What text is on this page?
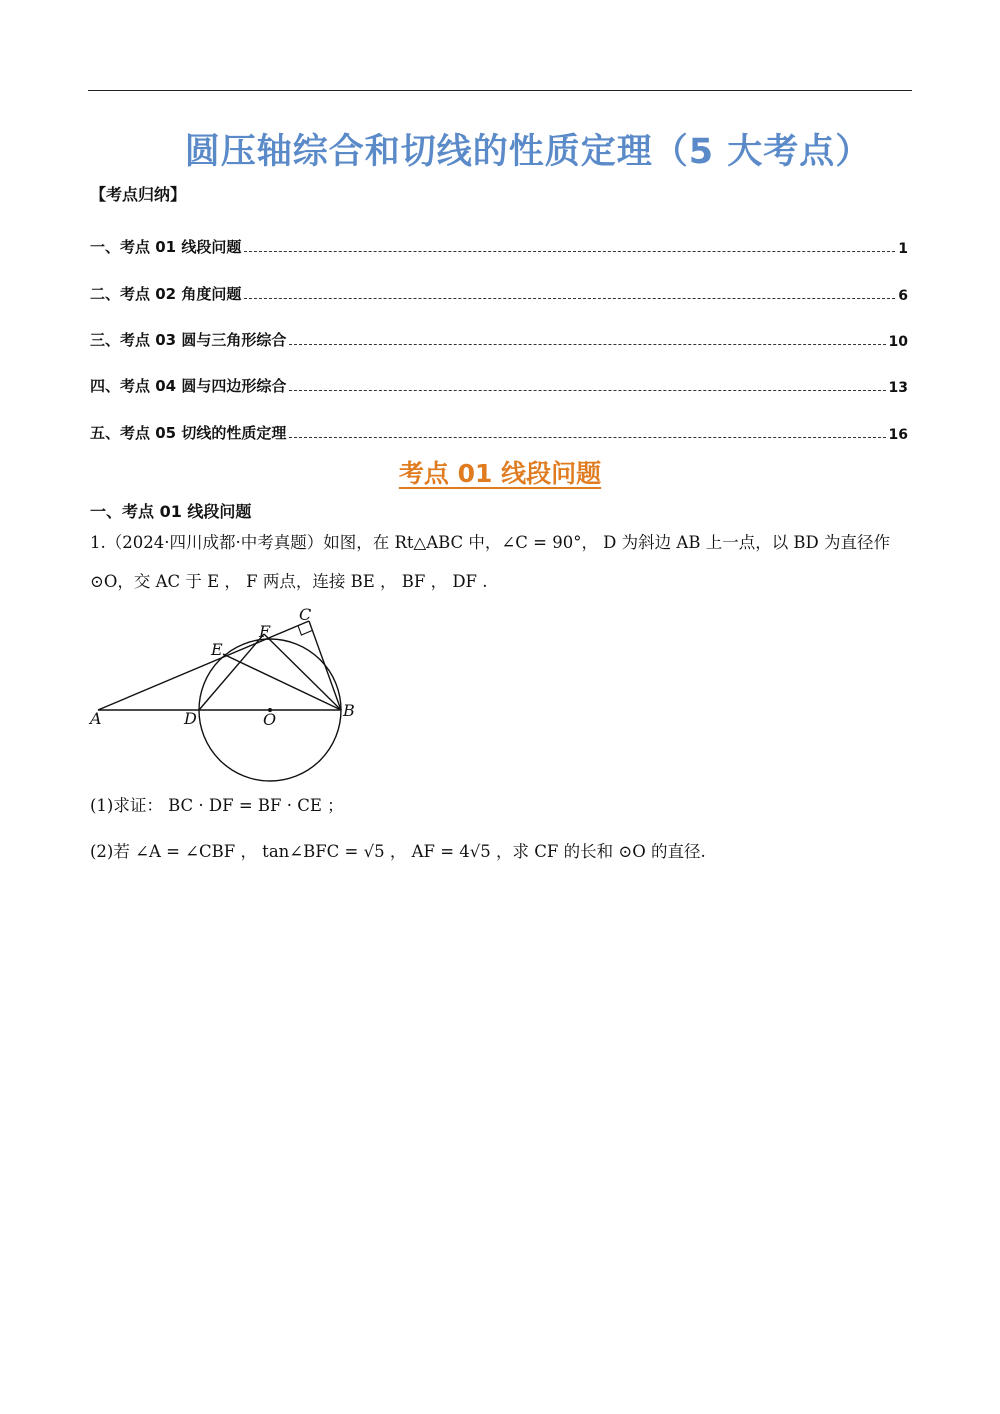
圆压轴综合和切线的性质定理（5 大考点）
【考点归纳】
一、考点 01 线段问题	1
二、考点 02 角度问题	6
三、考点 03 圆与三角形综合	10
四、考点 04 圆与四边形综合	13
五、考点 05 切线的性质定理	16
考点 01 线段问题
一、考点 01 线段问题
1.（2024·四川成都·中考真题）如图，在 Rt△ABC 中，∠C = 90°， D 为斜边 AB 上一点，以 BD 为直径作
⊙O，交 AC 于 E ， F 两点，连接 BE ， BF ， DF .
A	D	O	B
C
F
E
(1)求证： BC · DF = BF · CE ；
(2)若 ∠A = ∠CBF ， tan∠BFC = √5 ， AF = 4√5 ，求 CF 的长和 ⊙O 的直径.
